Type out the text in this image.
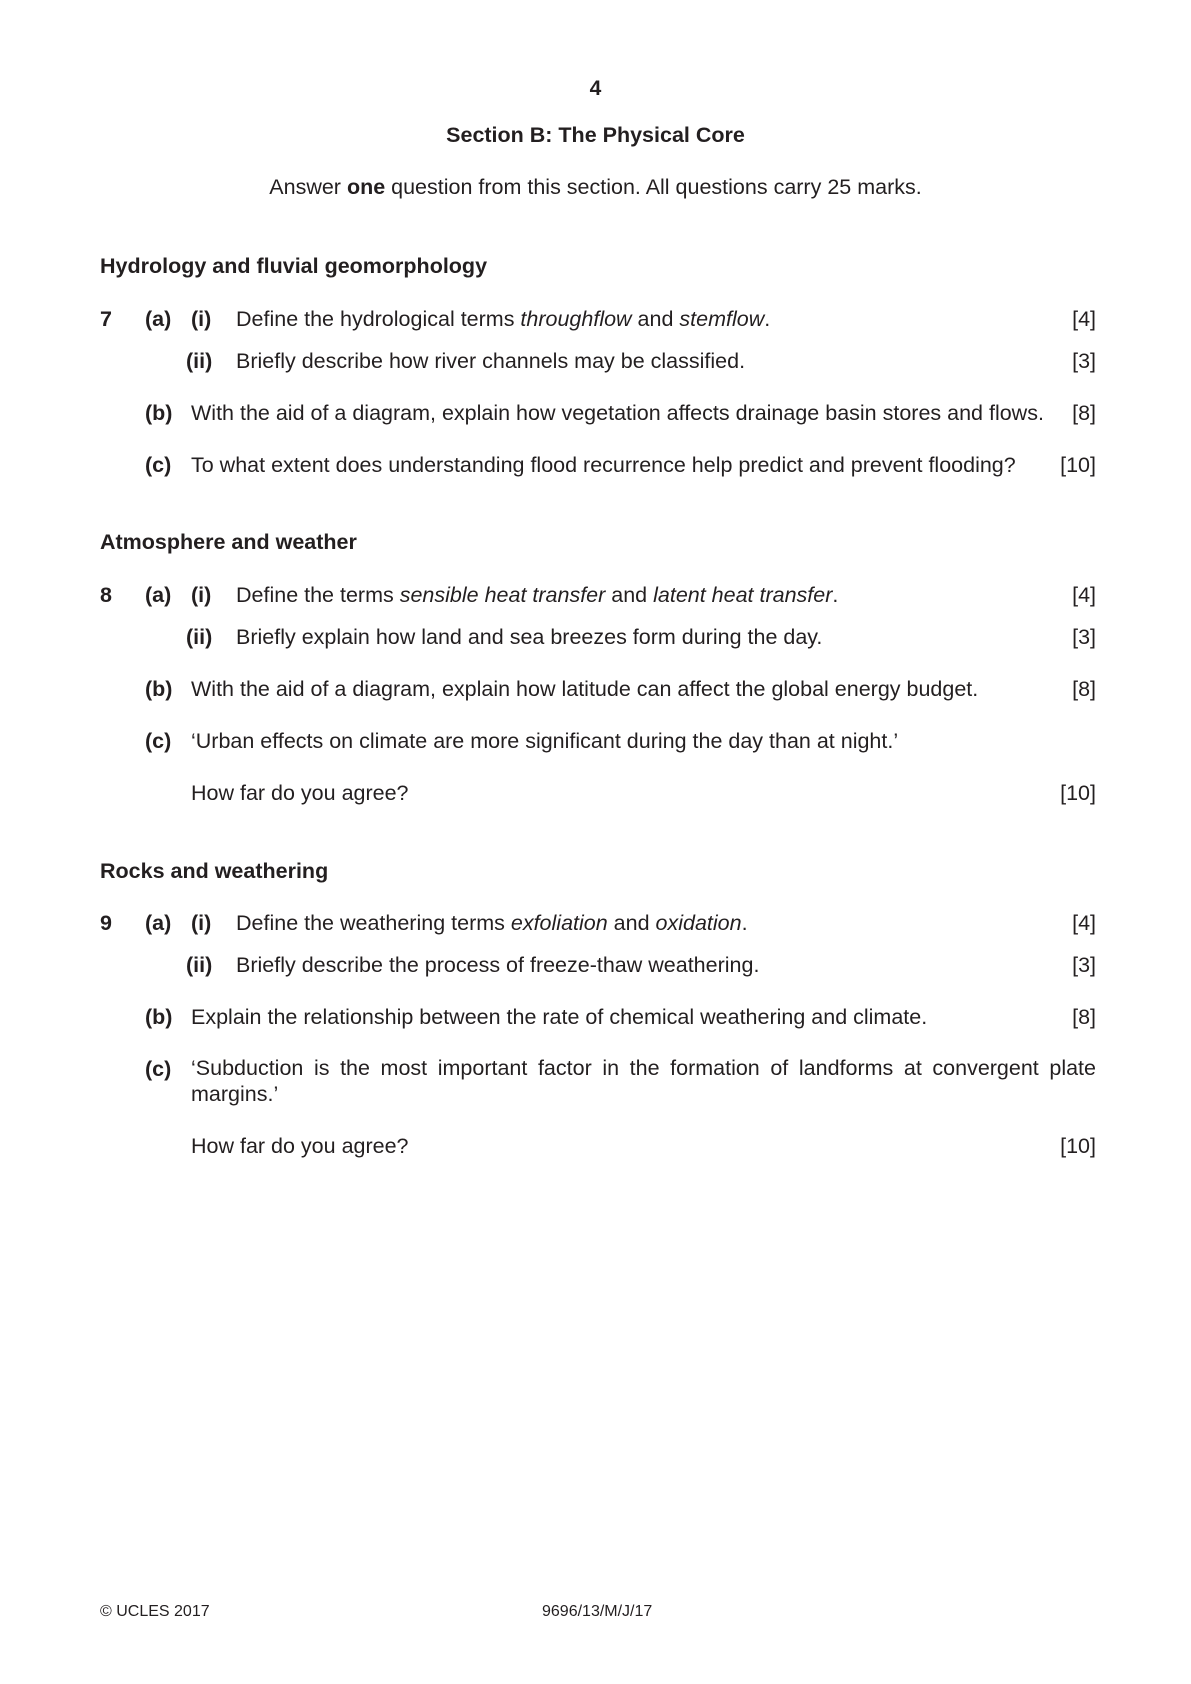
4
Section B: The Physical Core
Answer one question from this section. All questions carry 25 marks.
Hydrology and fluvial geomorphology
7 (a) (i) Define the hydrological terms throughflow and stemflow.	[4]
(ii) Briefly describe how river channels may be classified.	[3]
(b) With the aid of a diagram, explain how vegetation affects drainage basin stores and flows. [8]
(c) To what extent does understanding flood recurrence help predict and prevent flooding? [10]
Atmosphere and weather
8 (a) (i) Define the terms sensible heat transfer and latent heat transfer.	[4]
(ii) Briefly explain how land and sea breezes form during the day.	[3]
(b) With the aid of a diagram, explain how latitude can affect the global energy budget.	[8]
(c) ‘Urban effects on climate are more significant during the day than at night.’
How far do you agree?	[10]
Rocks and weathering
9 (a) (i) Define the weathering terms exfoliation and oxidation.	[4]
(ii) Briefly describe the process of freeze-thaw weathering.	[3]
(b) Explain the relationship between the rate of chemical weathering and climate.	[8]
(c) ‘Subduction is the most important factor in the formation of landforms at convergent plate margins.’
How far do you agree?	[10]
© UCLES 2017	9696/13/M/J/17
